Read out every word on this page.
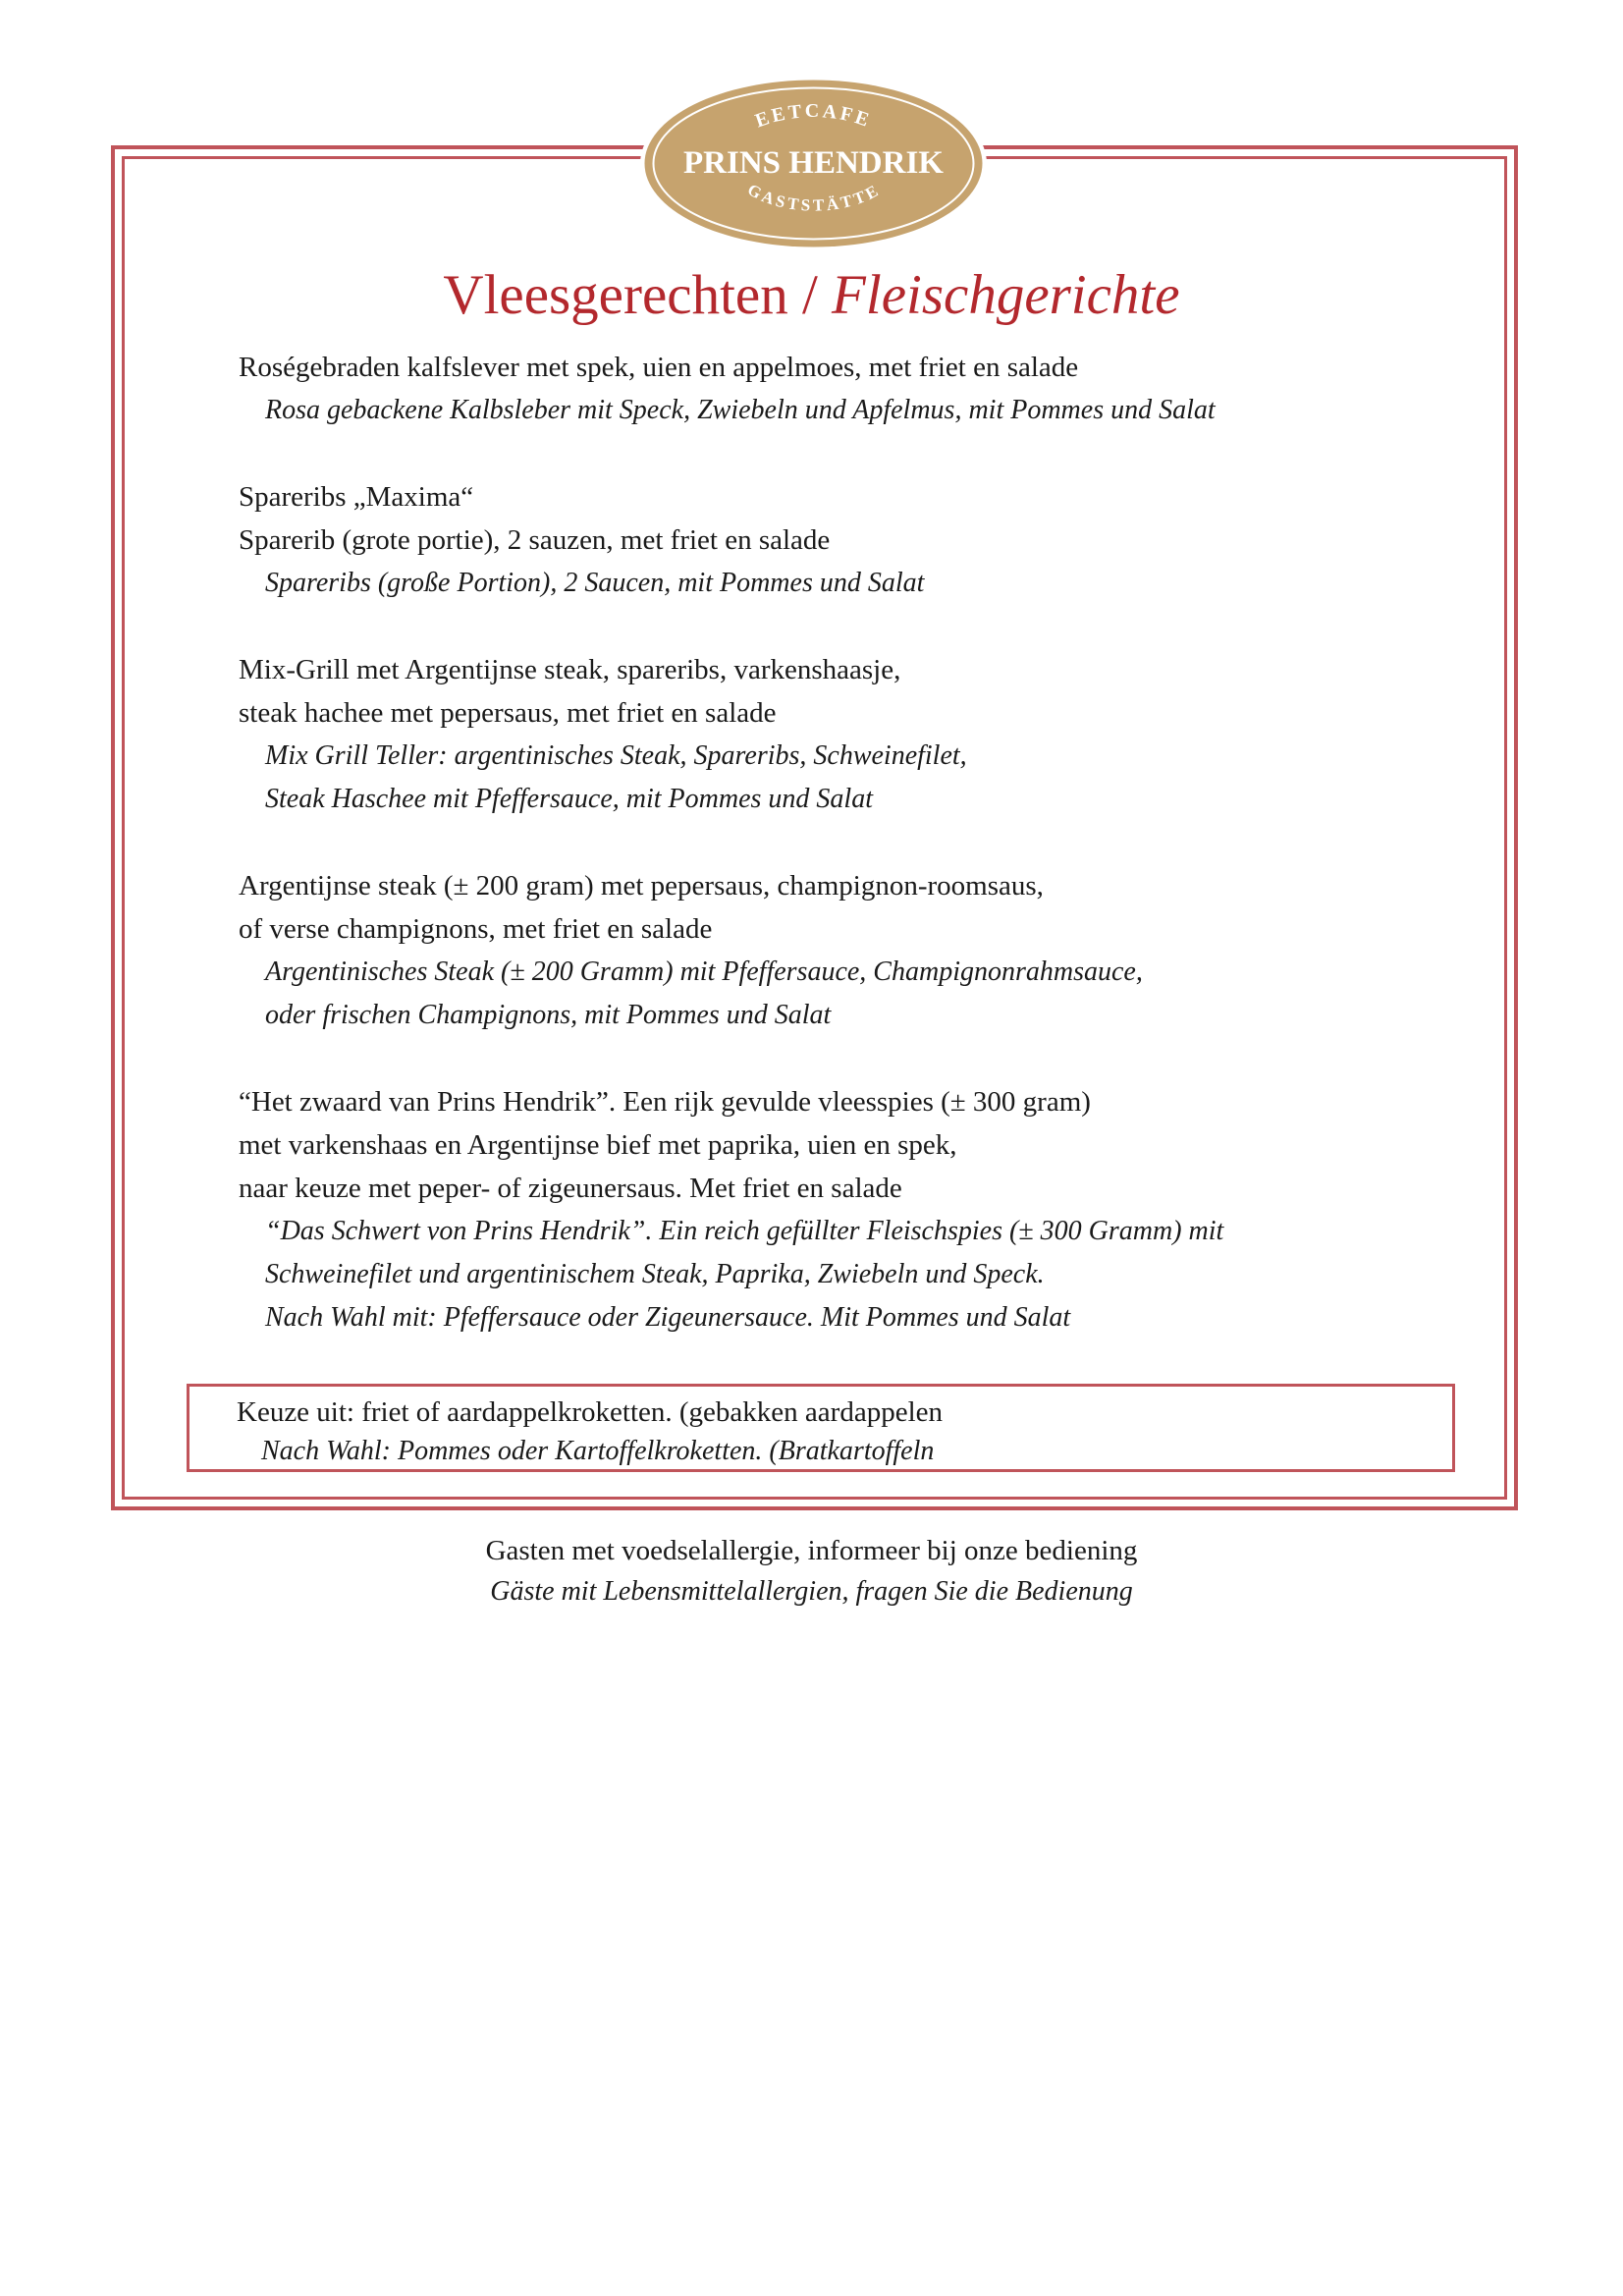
EETCAFE
PRINS HENDRIK
GASTSTÄTTE
Vleesgerechten / Fleischgerichte
Roségebraden kalfslever met spek, uien en appelmoes, met friet en salade
Rosa gebackene Kalbsleber mit Speck, Zwiebeln und Apfelmus, mit Pommes und Salat
Spareribs „Maxima“
Sparerib (grote portie), 2 sauzen, met friet en salade
Spareribs (große Portion), 2 Saucen, mit Pommes und Salat
Mix-Grill met Argentijnse steak, spareribs, varkenshaasje,
steak hachee met pepersaus, met friet en salade
Mix Grill Teller: argentinisches Steak, Spareribs, Schweinefilet,
Steak Haschee mit Pfeffersauce, mit Pommes und Salat
Argentijnse steak (± 200 gram) met pepersaus, champignon-roomsaus,
of verse champignons, met friet en salade
Argentinisches Steak (± 200 Gramm) mit Pfeffersauce, Champignonrahmsauce,
oder frischen Champignons, mit Pommes und Salat
“Het zwaard van Prins Hendrik”. Een rijk gevulde vleesspies (± 300 gram)
met varkenshaas en Argentijnse bief met paprika, uien en spek,
naar keuze met peper- of zigeunersaus. Met friet en salade
“Das Schwert von Prins Hendrik”. Ein reich gefüllter Fleischspies (± 300 Gramm) mit
Schweinefilet und argentinischem Steak, Paprika, Zwiebeln und Speck.
Nach Wahl mit: Pfeffersauce oder Zigeunersauce. Mit Pommes und Salat
Keuze uit: friet of aardappelkroketten. (gebakken aardappelen
Nach Wahl: Pommes oder Kartoffelkroketten. (Bratkartoffeln
Gasten met voedselallergie, informeer bij onze bediening
Gäste mit Lebensmittelallergien, fragen Sie die Bedienung
